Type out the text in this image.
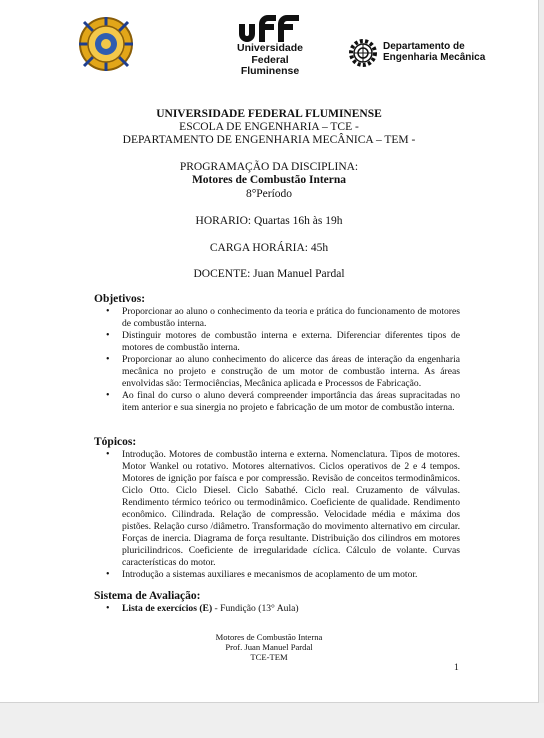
Universidade
Federal
Fluminense
Departamento de
Engenharia Mecânica
UNIVERSIDADE FEDERAL FLUMINENSE
ESCOLA DE ENGENHARIA – TCE -
DEPARTAMENTO DE ENGENHARIA MECÂNICA – TEM -
PROGRAMAÇÃO DA DISCIPLINA:
Motores de Combustão Interna
8°Período
HORARIO: Quartas 16h às 19h
CARGA HORÁRIA: 45h
DOCENTE: Juan Manuel Pardal
Objetivos:
• Proporcionar ao aluno o conhecimento da teoria e prática do funcionamento de motores de combustão interna.
• Distinguir motores de combustão interna e externa. Diferenciar diferentes tipos de motores de combustão interna.
• Proporcionar ao aluno conhecimento do alicerce das áreas de interação da engenharia mecânica no projeto e construção de um motor de combustão interna. As áreas envolvidas são: Termociências, Mecânica aplicada e Processos de Fabricação.
• Ao final do curso o aluno deverá compreender importância das áreas supracitadas no item anterior e sua sinergia no projeto e fabricação de um motor de combustão interna.
Tópicos:
• Introdução. Motores de combustão interna e externa. Nomenclatura. Tipos de motores. Motor Wankel ou rotativo. Motores alternativos. Ciclos operativos de 2 e 4 tempos. Motores de ignição por faísca e por compressão. Revisão de conceitos termodinâmicos. Ciclo Otto. Ciclo Diesel. Ciclo Sabathé. Ciclo real. Cruzamento de válvulas. Rendimento térmico teórico ou termodinâmico. Coeficiente de qualidade. Rendimento econômico. Cilindrada. Relação de compressão. Velocidade média e máxima dos pistões. Relação curso /diâmetro. Transformação do movimento alternativo em circular. Forças de inercia. Diagrama de força resultante. Distribuição dos cilindros em motores pluricilindricos. Coeficiente de irregularidade cíclica. Cálculo de volante. Curvas características do motor.
• Introdução a sistemas auxiliares e mecanismos de acoplamento de um motor.
Sistema de Avaliação:
• Lista de exercícios (E) - Fundição (13° Aula)
Motores de Combustão Interna
Prof. Juan Manuel Pardal
TCE-TEM
1
